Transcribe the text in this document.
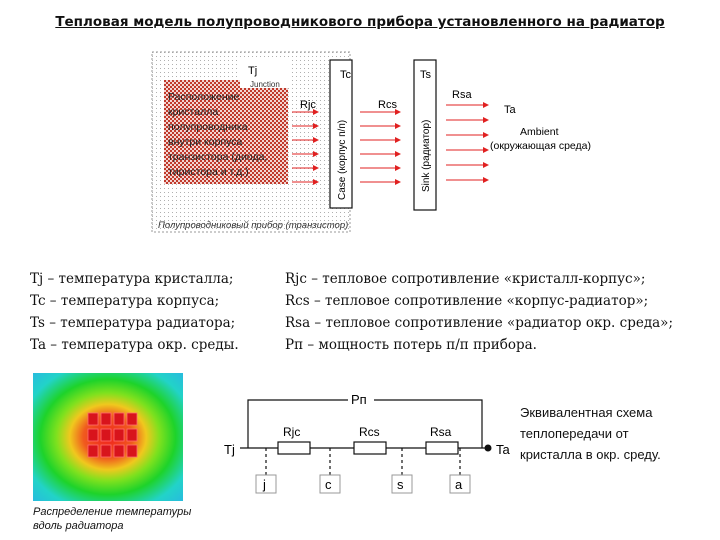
Тепловая модель полупроводникового прибора установленного на радиатор
Tj
Junction
Расположение
кристалла
полупроводника
внутри корпуса
транзистора (диода,
тиристора и т.д.)
Rjc
Case (корпус п/п)
Tc
Rcs
Sink (радиатор)
Ts
Rsa
Ta
Ambient
(окружающая среда)
Полупроводниковый прибор (транзистор)
Tj – температура кристалла;
Tc – температура корпуса;
Ts – температура радиатора;
Ta – температура окр. среды.
Rjc – тепловое сопротивление «кристалл-корпус»;
Rcs – тепловое сопротивление «корпус-радиатор»;
Rsa – тепловое сопротивление «радиатор окр. среда»;
Pп – мощность потерь п/п прибора.
Распределение температуры
вдоль радиатора
Pп
Tj	Ta
Rjc	Rcs	Rsa
j	c	s	a
Эквивалентная схема
теплопередачи от
кристалла в окр. среду.
